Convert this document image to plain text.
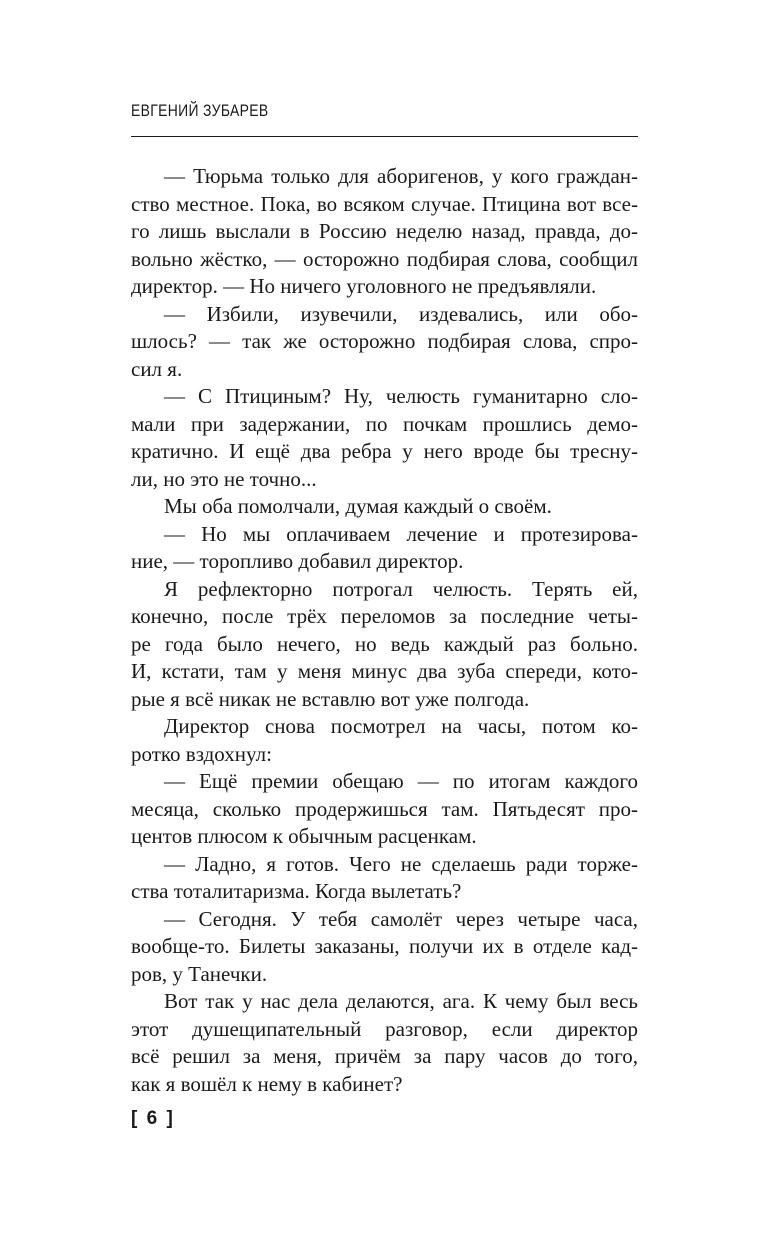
ЕВГЕНИЙ ЗУБАРЕВ

— Тюрьма только для аборигенов, у кого граждан-
ство местное. Пока, во всяком случае. Птицина вот все-
го лишь выслали в Россию неделю назад, правда, до-
вольно жёстко, — осторожно подбирая слова, сообщил
директор. — Но ничего уголовного не предъявляли.

— Избили, изувечили, издевались, или обо-
шлось? — так же осторожно подбирая слова, спро-
сил я.

— С Птициным? Ну, челюсть гуманитарно сло-
мали при задержании, по почкам прошлись демо-
кратично. И ещё два ребра у него вроде бы тресну-
ли, но это не точно...

Мы оба помолчали, думая каждый о своём.

— Но мы оплачиваем лечение и протезирова-
ние, — торопливо добавил директор.

Я рефлекторно потрогал челюсть. Терять ей,
конечно, после трёх переломов за последние четы-
ре года было нечего, но ведь каждый раз больно.
И, кстати, там у меня минус два зуба спереди, кото-
рые я всё никак не вставлю вот уже полгода.

Директор снова посмотрел на часы, потом ко-
ротко вздохнул:

— Ещё премии обещаю — по итогам каждого
месяца, сколько продержишься там. Пятьдесят про-
центов плюсом к обычным расценкам.

— Ладно, я готов. Чего не сделаешь ради торже-
ства тоталитаризма. Когда вылетать?

— Сегодня. У тебя самолёт через четыре часа,
вообще-то. Билеты заказаны, получи их в отделе кад-
ров, у Танечки.

Вот так у нас дела делаются, ага. К чему был весь
этот душещипательный разговор, если директор
всё решил за меня, причём за пару часов до того,
как я вошёл к нему в кабинет?

[ 6 ]
